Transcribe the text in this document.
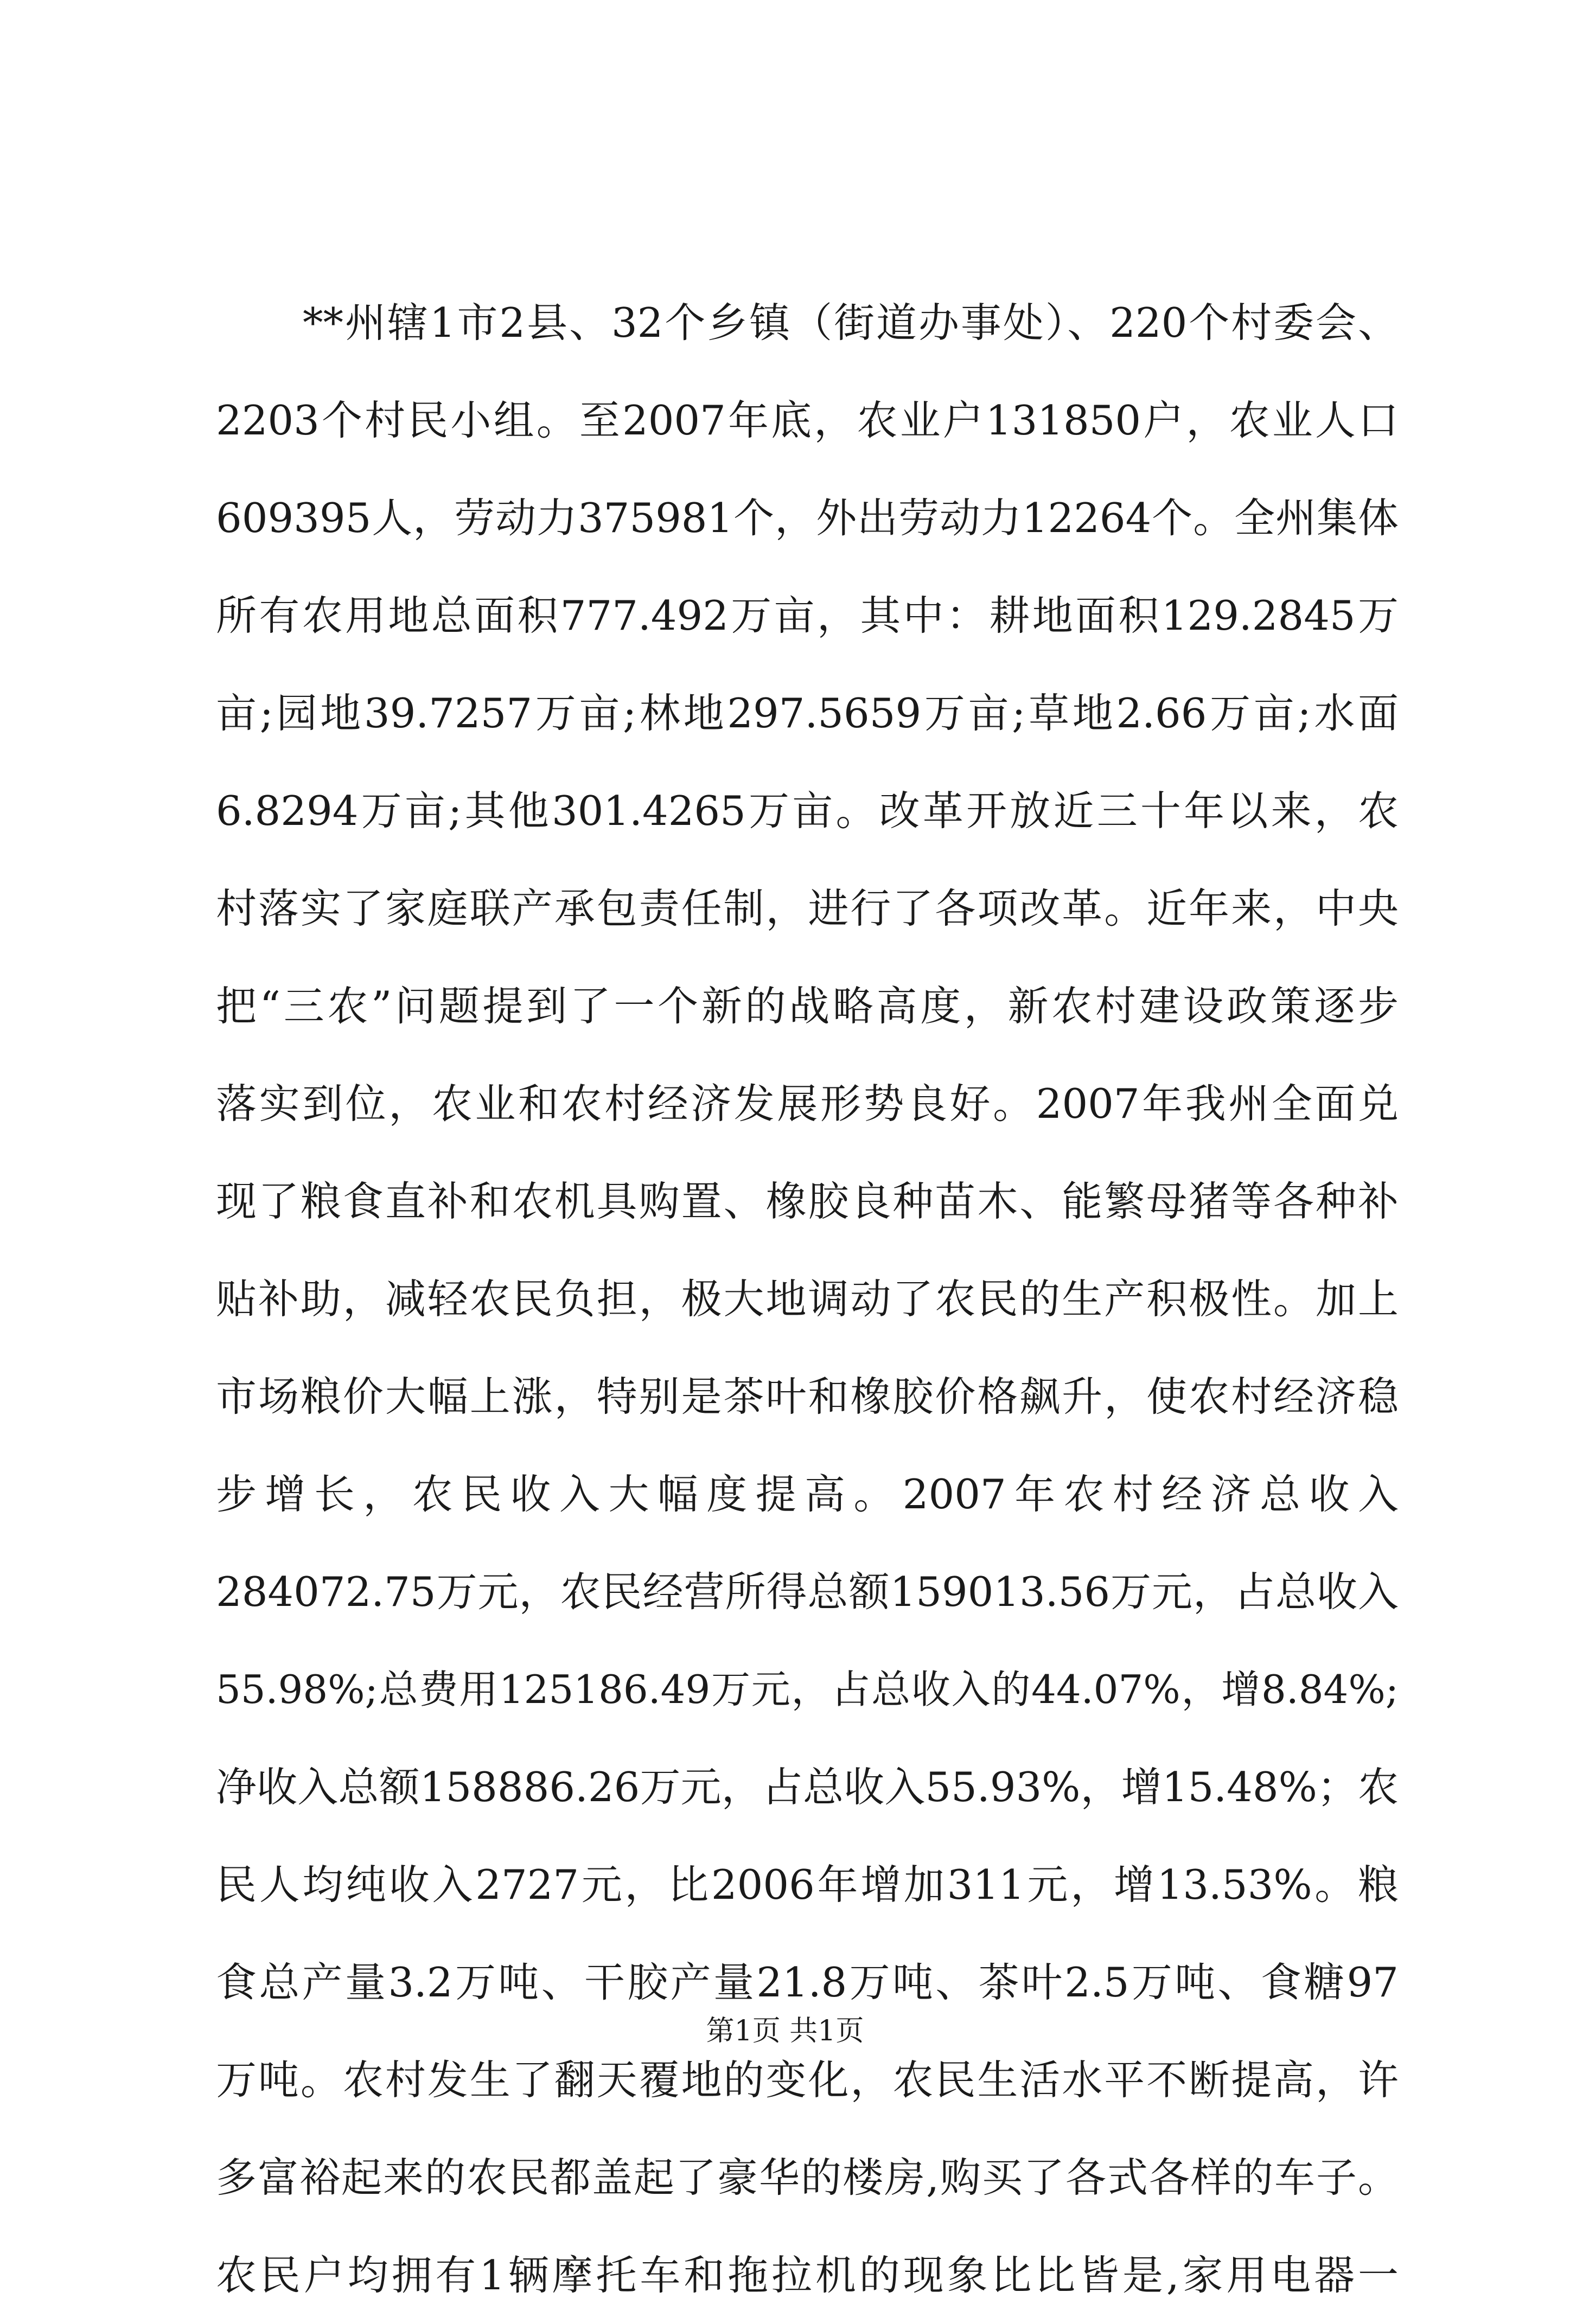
**州辖1市2县、32个乡镇（街道办事处）、220个村委会、
2203个村民小组。至2007年底，农业户131850户，农业人口
609395人，劳动力375981个，外出劳动力12264个。全州集体
所有农用地总面积777.492万亩，其中：耕地面积129.2845万
亩;园地39.7257万亩;林地297.5659万亩;草地2.66万亩;水面
6.8294万亩;其他301.4265万亩。改革开放近三十年以来，农
村落实了家庭联产承包责任制，进行了各项改革。近年来，中央
把“三农”问题提到了一个新的战略高度，新农村建设政策逐步
落实到位，农业和农村经济发展形势良好。2007年我州全面兑
现了粮食直补和农机具购置、橡胶良种苗木、能繁母猪等各种补
贴补助，减轻农民负担，极大地调动了农民的生产积极性。加上
市场粮价大幅上涨，特别是茶叶和橡胶价格飙升，使农村经济稳
步增长，农民收入大幅度提高。2007年农村经济总收入
284072.75万元，农民经营所得总额159013.56万元，占总收入
55.98%;总费用125186.49万元，占总收入的44.07%，增8.84%;
净收入总额158886.26万元，占总收入55.93%，增15.48%；农
民人均纯收入2727元，比2006年增加311元，增13.53%。粮
食总产量3.2万吨、干胶产量21.8万吨、茶叶2.5万吨、食糖97
万吨。农村发生了翻天覆地的变化，农民生活水平不断提高，许
多富裕起来的农民都盖起了豪华的楼房,购买了各式各样的车子。
农民户均拥有1辆摩托车和拖拉机的现象比比皆是,家用电器一
第1页 共1页
